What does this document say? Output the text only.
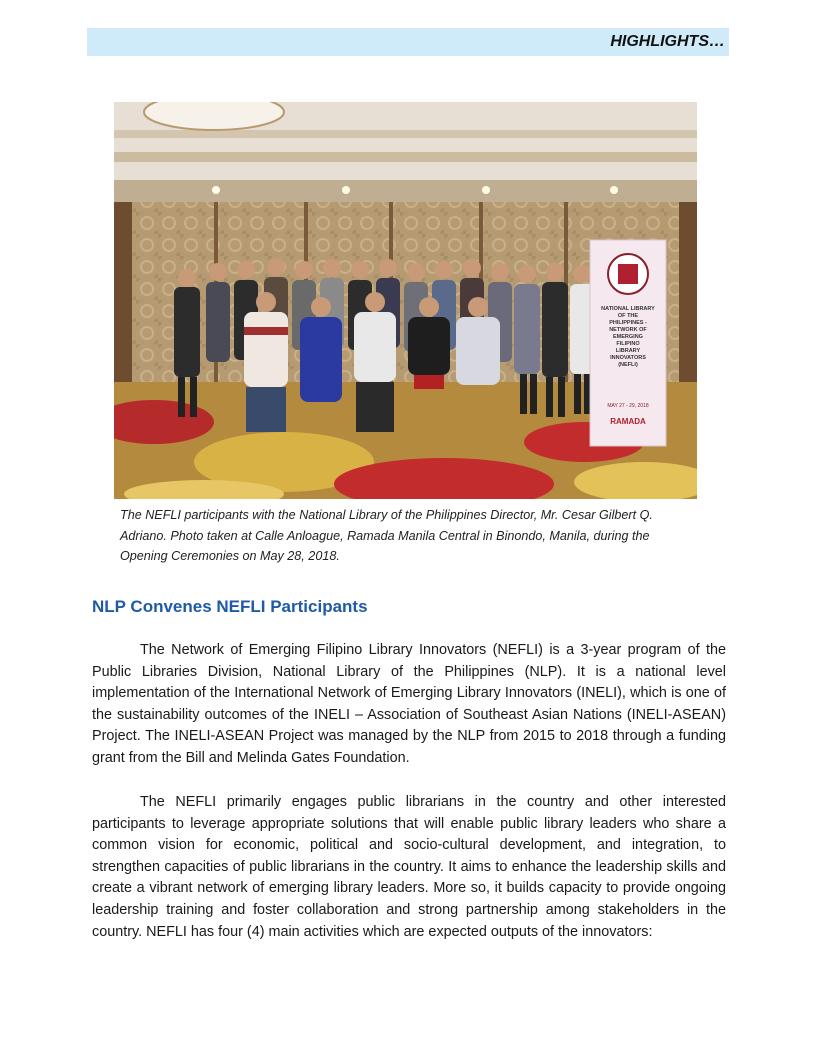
HIGHLIGHTS…
NATIONAL LIBRARY
OF THE
PHILIPPINES -
NETWORK OF
EMERGING
FILIPINO
LIBRARY
INNOVATORS
(NEFLI)
MAY 27 - 29, 2018
RAMADA
The NEFLI participants with the National Library of the Philippines Director, Mr. Cesar Gilbert Q. Adriano. Photo taken at Calle Anloague, Ramada Manila Central in Binondo, Manila, during the Opening Ceremonies on May 28, 2018.
NLP Convenes NEFLI Participants

The Network of Emerging Filipino Library Innovators (NEFLI) is a 3-year program of the Public Libraries Division, National Library of the Philippines (NLP). It is a national level implementation of the International Network of Emerging Library Innovators (INELI), which is one of the sustainability outcomes of the INELI – Association of Southeast Asian Nations (INELI-ASEAN) Project. The INELI-ASEAN Project was managed by the NLP from 2015 to 2018 through a funding grant from the Bill and Melinda Gates Foundation.

The NEFLI primarily engages public librarians in the country and other interested participants to leverage appropriate solutions that will enable public library leaders who share a common vision for economic, political and socio-cultural development, and integration, to strengthen capacities of public librarians in the country. It aims to enhance the leadership skills and create a vibrant network of emerging library leaders. More so, it builds capacity to provide ongoing leadership training and foster collaboration and strong partnership among stakeholders in the country. NEFLI has four (4) main activities which are expected outputs of the innovators:
